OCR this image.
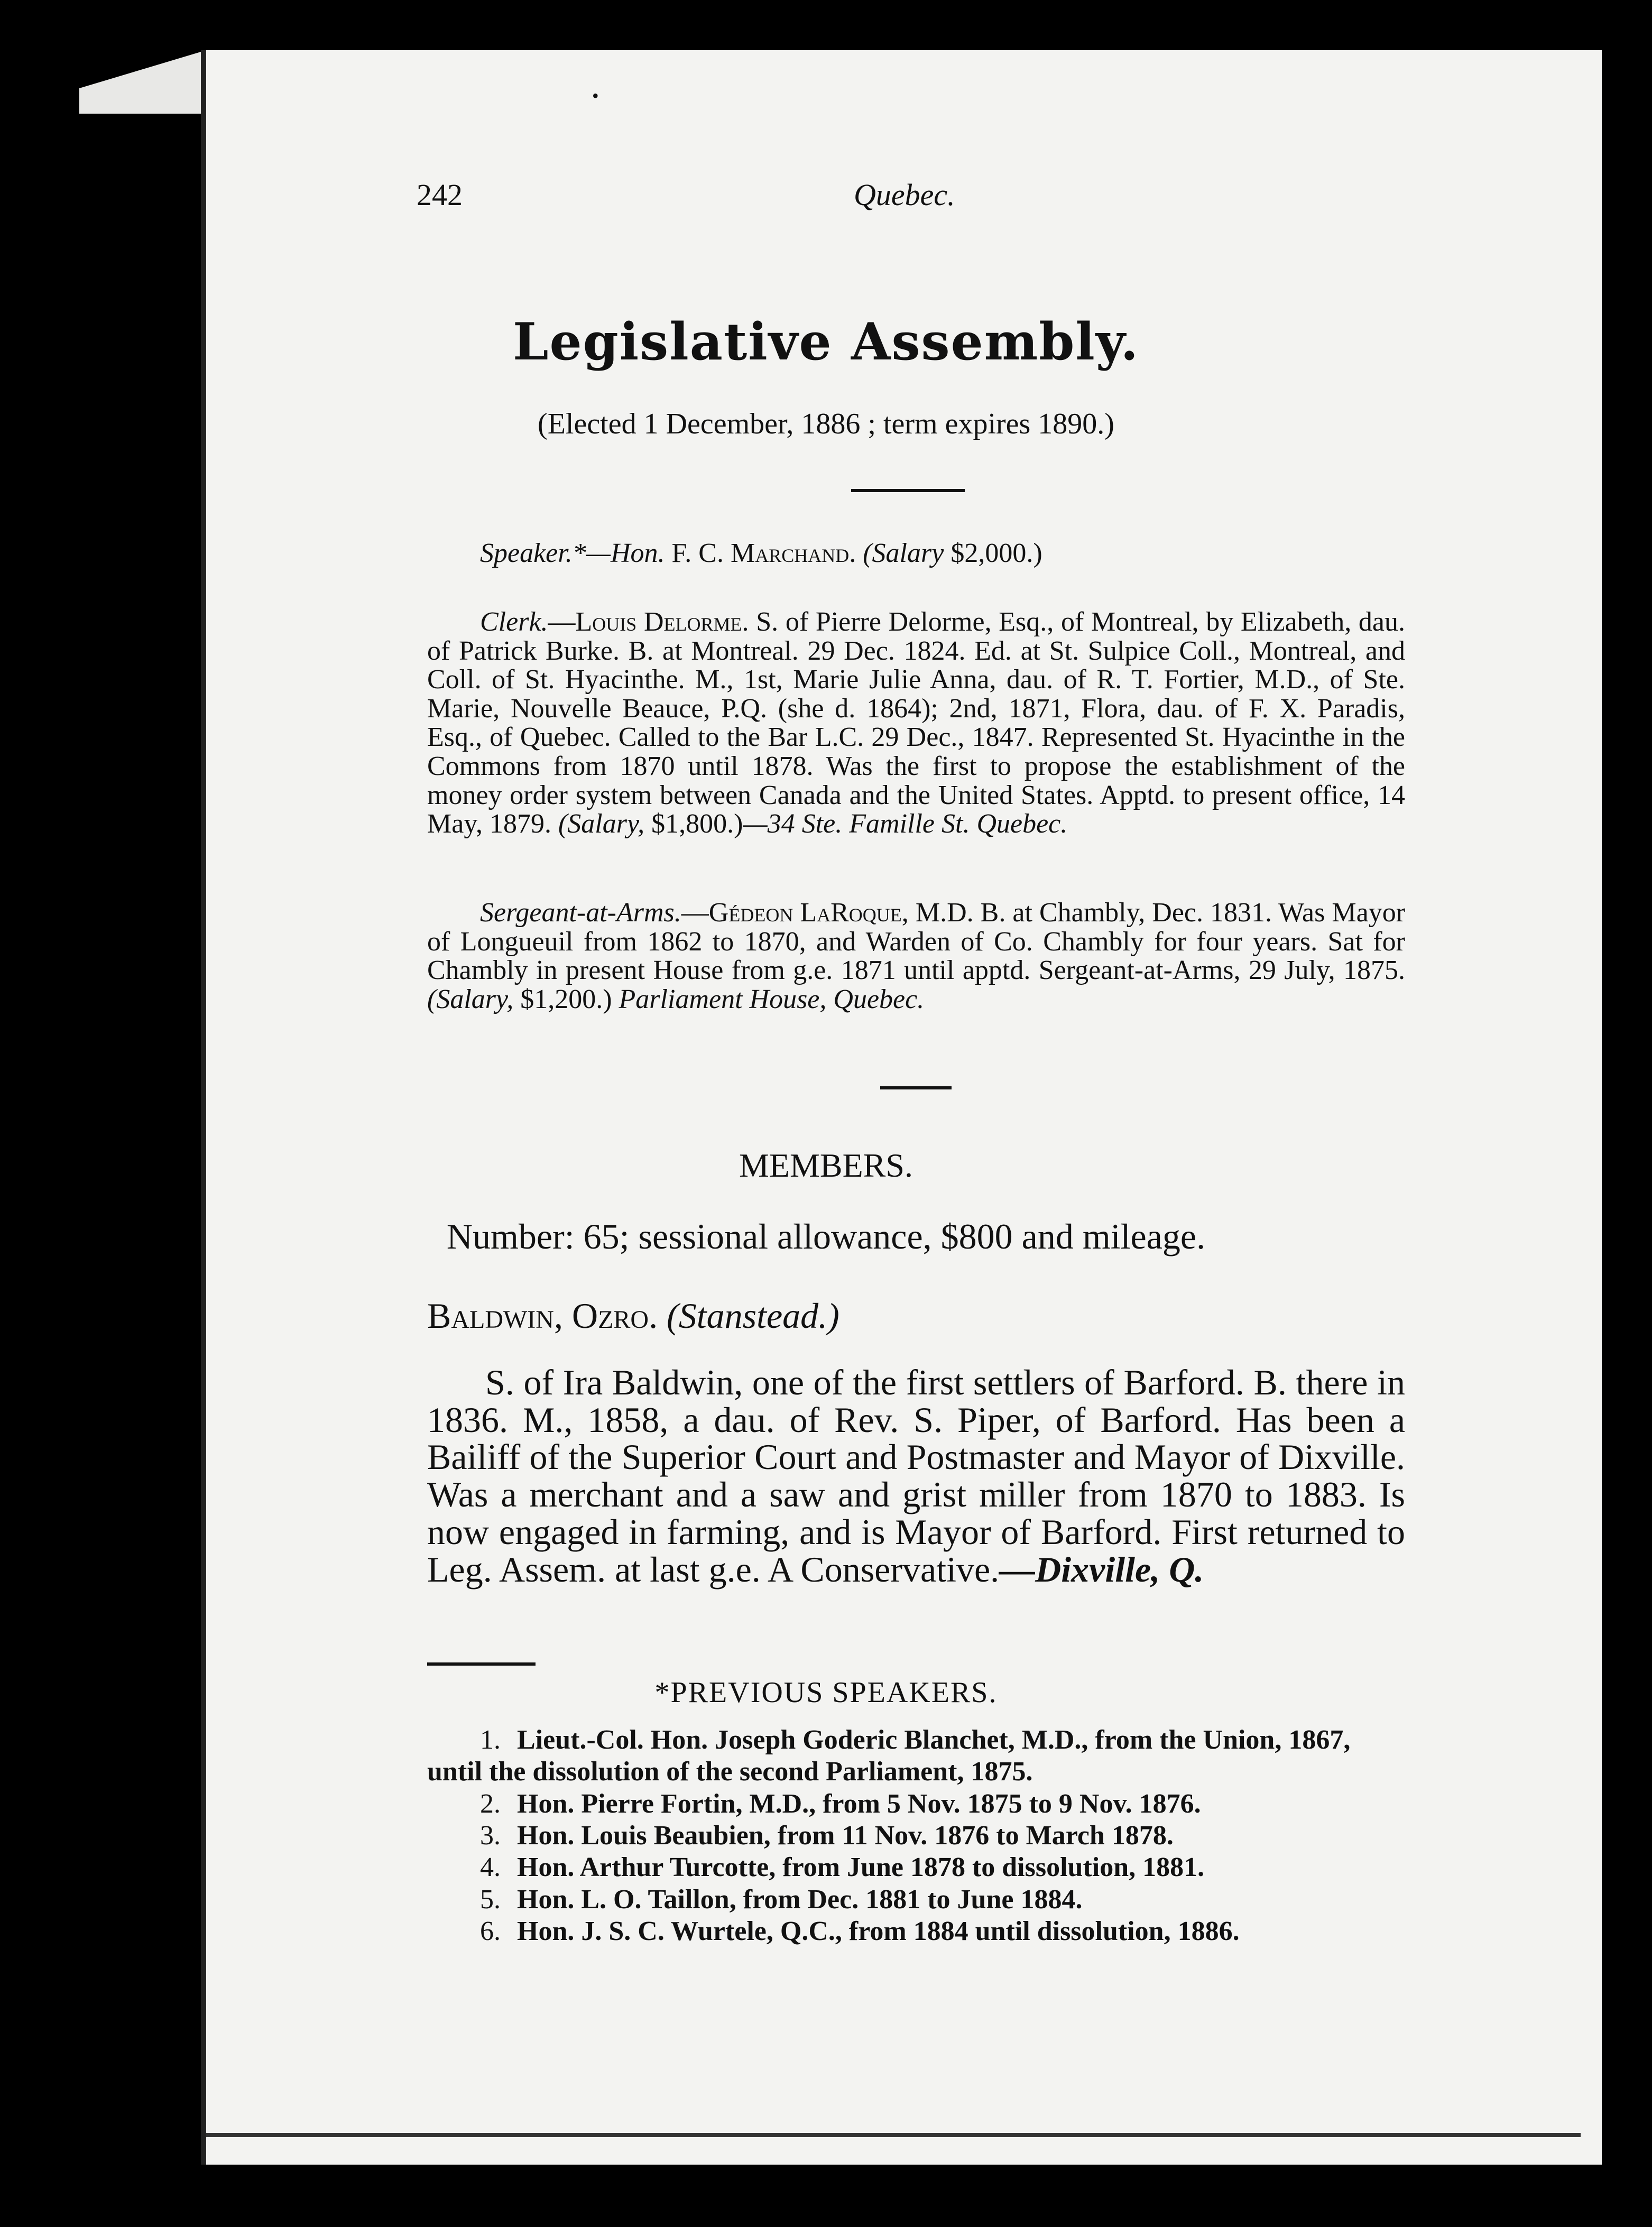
•
242	Quebec.
Legislative Assembly.
(Elected 1 December, 1886 ; term expires 1890.)

Speaker.*—Hon. F. C. Marchand. (Salary $2,000.)

Clerk.—Louis Delorme. S. of Pierre Delorme, Esq., of Montreal, by Elizabeth, dau. of Patrick Burke. B. at Montreal. 29 Dec. 1824. Ed. at St. Sulpice Coll., Montreal, and Coll. of St. Hyacinthe. M., 1st, Marie Julie Anna, dau. of R. T. Fortier, M.D., of Ste. Marie, Nouvelle Beauce, P.Q. (she d. 1864); 2nd, 1871, Flora, dau. of F. X. Paradis, Esq., of Quebec. Called to the Bar L.C. 29 Dec., 1847. Represented St. Hyacinthe in the Commons from 1870 until 1878. Was the first to propose the establishment of the money order system between Canada and the United States. Apptd. to present office, 14 May, 1879. (Salary, $1,800.)—34 Ste. Famille St. Quebec.

Sergeant-at-Arms.—Gédeon LaRoque, M.D. B. at Chambly, Dec. 1831. Was Mayor of Longueuil from 1862 to 1870, and Warden of Co. Chambly for four years. Sat for Chambly in present House from g.e. 1871 until apptd. Sergeant-at-Arms, 29 July, 1875. (Salary, $1,200.) Parliament House, Quebec.

MEMBERS.
Number: 65; sessional allowance, $800 and mileage.
Baldwin, Ozro. (Stanstead.)

S. of Ira Baldwin, one of the first settlers of Barford. B. there in 1836. M., 1858, a dau. of Rev. S. Piper, of Barford. Has been a Bailiff of the Superior Court and Postmaster and Mayor of Dixville. Was a merchant and a saw and grist miller from 1870 to 1883. Is now engaged in farming, and is Mayor of Barford. First returned to Leg. Assem. at last g.e. A Conservative.—Dixville, Q.

*PREVIOUS SPEAKERS.
1. Lieut.-Col. Hon. Joseph Goderic Blanchet, M.D., from the Union, 1867, until the dissolution of the second Parliament, 1875.
2. Hon. Pierre Fortin, M.D., from 5 Nov. 1875 to 9 Nov. 1876.
3. Hon. Louis Beaubien, from 11 Nov. 1876 to March 1878.
4. Hon. Arthur Turcotte, from June 1878 to dissolution, 1881.
5. Hon. L. O. Taillon, from Dec. 1881 to June 1884.
6. Hon. J. S. C. Wurtele, Q.C., from 1884 until dissolution, 1886.
